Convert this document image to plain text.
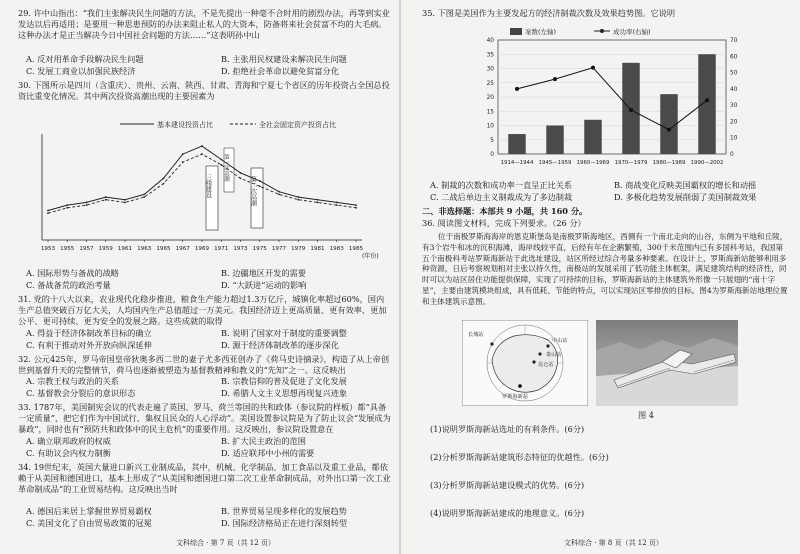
29. 许中山指出：“我们主张解决民生问题的方法，不是先提出一种毫不合时用的剧烈办法，再等到实业发达以后再适用；是要用一种思患预防的办法来阻止私人的大资本，防备将来社会贫富不均的大毛病。这种办法才是正当解决今日中国社会问题的方法……”这表明孙中山
A. 反对用革命手段解决民生问题	B. 主张用民权建设来解决民生问题
C. 发展工商业以加强民族经济	D. 拒绝社会革命以避免贫富分化
30. 下图所示是四川（含重庆）、贵州、云南、陕西、甘肃、青海和宁夏七个省区的历年投资占全国总投资比重变化情况。其中两次投资高潮出现的主要因素为
基本建设投资占比	全社会固定资产投资占比
三线建设	第二次高潮
第一次高潮
1953 1955 1957 1959 1961 1963 1965 1967 1969 1971 1973 1975 1977 1979 1981 1983 1985
(年份)
A. 国际形势与备战的战略	B. 边疆地区开发的需要
C. 备战备荒的政治考量	D. “大跃进”运动的影响
31. 党的十八大以来，农业现代化稳步推进，粮食生产能力超过1.3万亿斤，城镇化率超过60%，国内生产总值突破百万亿大关，人均国内生产总值超过一万美元。我国经济迈上更高质量、更有效率、更加公平、更可持续、更为安全的发展之路。这些成就的取得
A. 得益于经济体制改革目标的确立	B. 说明了国家对于制度的重要调整
C. 有利于推动对外开放向纵深延伸	D. 源于经济体制改革的逐步深化
32. 公元425年，罗马帝国皇帝狄奥多西二世的妻子尤多西亚创办了《荷马史诗摘录》，构造了从上帝创世到基督升天的完整情节，荷马也逐渐被塑造为基督教精神和教义的“先知”之一。这反映出
A. 宗教王权与政治的关系	B. 宗教信仰的普及促进了文化发展
C. 基督教会分裂后的意识形态	D. 希腊人文主义思想再现复兴迹象
33. 1787年，美国制宪会议的代表走遍了英国、罗马、荷兰等国的共和政体（参议院的样板）都“具备一定质量”，把它们作为中国试行、集权且民众的人心浮动”。美国设置参议院是为了防止议会“发展成为暴政”，同时也有“预防共和政体中的民主危机”的重要作用。这反映出，参议院设置意在
A. 确立联邦政府的权威	B. 扩大民主政治的范围
C. 有助议会内权力制衡	D. 适应联邦中小州的需要
34. 19世纪末，英国大量进口新兴工业制成品，其中，机械、化学制品、加工食品以及重工业品，都依赖于从美国和德国进口，基本上形成了“从美国和德国进口第二次工业革命制成品，对外出口第一次工业革命制成品”的工业贸易结构。这反映出当时
A. 德国后来居上掌握世界贸易霸权	B. 世界贸易呈现多样化的发展趋势
C. 美国文化了自由贸易政策的冠冕	D. 国际经济格局正在进行深刻转型
文科综合 · 第 7 页（共 12 页）
35. 下图是美国作为主要发起方的经济制裁次数及效果趋势图。它说明
案数(左轴)	成功率(右轴)
0
5
10
15
20
25
30
35
40
0
10
20
30
40
50
60
70
1914—1944 1945—1959 1960—1969 1970—1979 1980—1989 1990—2002
A. 制裁的次数和成功率一直呈正比关系	B. 商战变化反映美国霸权的增长和动摇
C. 二战后单边主义制裁成为了多边制裁	D. 多极化趋势发展削弱了美国制裁效果
二、非选择题：本部共 9 小题，共 160 分。
36. 阅读图文材料，完成下列要求。（26 分）
位于南极罗斯海海岸的恩克斯堡岛是南极罗斯海地区，西侧有一个南北走向的山谷，东侧为平地和丘陵，有3个岩牛和冰的沉积海滩，海岸线较平直，后经有年在企鹅繁殖，300千米范围内已有多国科考站，我国第五个南极科考站罗斯海新站于此选址建设，站区所经过综合考量多种要素。在设计上，罗斯海新站能够利用多种资源，日后考察规划相对主张以持久性，南极站的发展采用了低功能主体框架，满足建筑结构的经济性，同时可以为站区居住功能提供保障，实现了可持续的目标，罗斯海新站的主体建筑外形像一只展翅的“南十字星”，主要由建筑模块组成，具有低耗、节能的特点，可以实现站区零排放的目标。图4为罗斯海新站地理位置和主体建筑示意图。
长城站
中山站
泰山站
昆仑站
罗斯海新站
图 4
(1)说明罗斯海新站选址的有利条件。(6分)
(2)分析罗斯海新站建筑形态特征的优越性。(6分)
(3)分析罗斯海新站建设模式的优势。(6分)
(4)说明罗斯海新站建成的地理意义。(6分)
文科综合 · 第 8 页（共 12 页）
